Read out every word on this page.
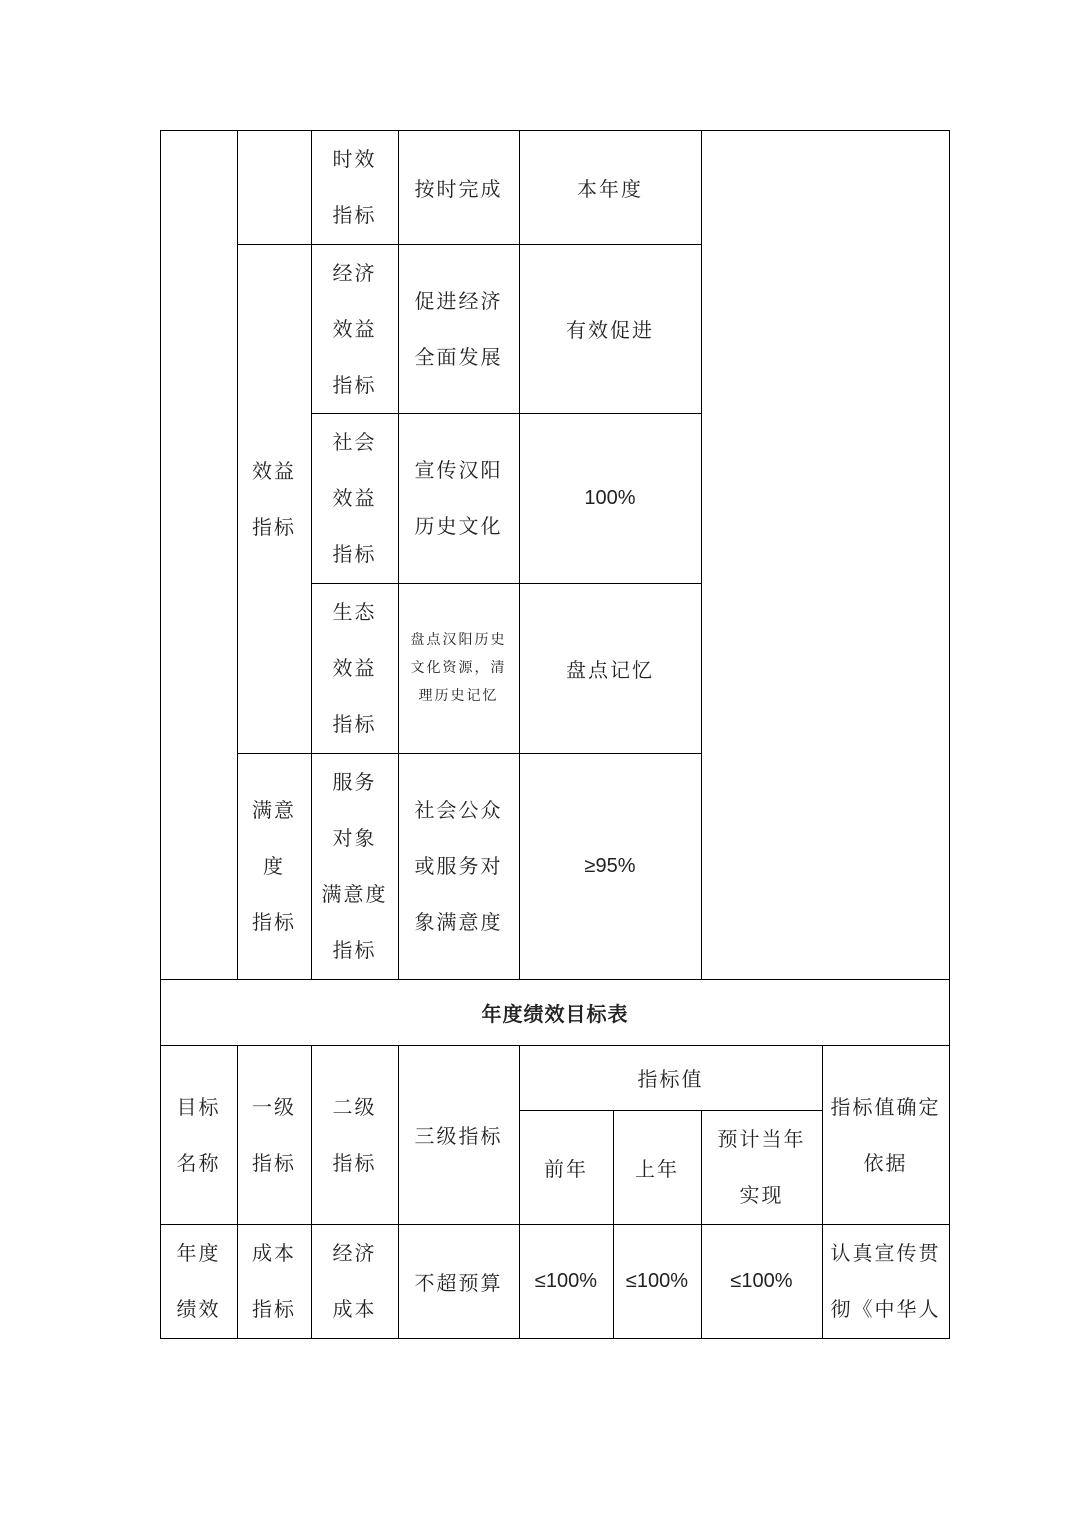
时效
指标
按时完成	本年度
效益
指标
经济
效益
指标
促进经济
全面发展
有效促进
社会
效益
指标
宣传汉阳
历史文化
100%
生态
效益
指标
盘点汉阳历史
文化资源，清
理历史记忆
盘点记忆
满意
度
指标
服务
对象
满意度
指标
社会公众
或服务对
象满意度
≥95%
年度绩效目标表
目标
名称
一级
指标
二级
指标
三级指标
指标值
前年 上年
预计当年
实现
指标值确定
依据
年度
绩效
成本
指标
经济
成本
不超预算 ≤100% ≤100% ≤100%
认真宣传贯
彻《中华人
